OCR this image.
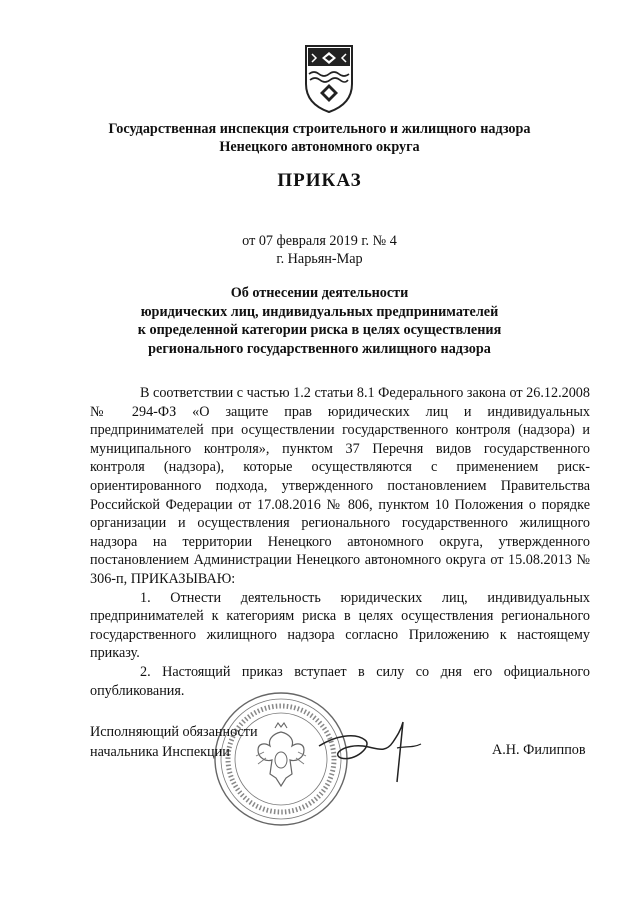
Государственная инспекция строительного и жилищного надзора
Ненецкого автономного округа
ПРИКАЗ
от 07 февраля 2019 г. № 4
г. Нарьян-Мар
Об отнесении деятельности
юридических лиц, индивидуальных предпринимателей
к определенной категории риска в целях осуществления
регионального государственного жилищного надзора

В соответствии с частью 1.2 статьи 8.1 Федерального закона от 26.12.2008 № 294-ФЗ «О защите прав юридических лиц и индивидуальных предпринимателей при осуществлении государственного контроля (надзора) и муниципального контроля», пунктом 37 Перечня видов государственного контроля (надзора), которые осуществляются с применением риск-ориентированного подхода, утвержденного постановлением Правительства Российской Федерации от 17.08.2016 № 806, пунктом 10 Положения о порядке организации и осуществления регионального государственного жилищного надзора на территории Ненецкого автономного округа, утвержденного постановлением Администрации Ненецкого автономного округа от 15.08.2013 № 306-п, ПРИКАЗЫВАЮ:

1. Отнести деятельность юридических лиц, индивидуальных предпринимателей к категориям риска в целях осуществления регионального государственного жилищного надзора согласно Приложению к настоящему приказу.

2. Настоящий приказ вступает в силу со дня его официального опубликования.

Исполняющий обязанности
начальника Инспекции	А.Н. Филиппов
